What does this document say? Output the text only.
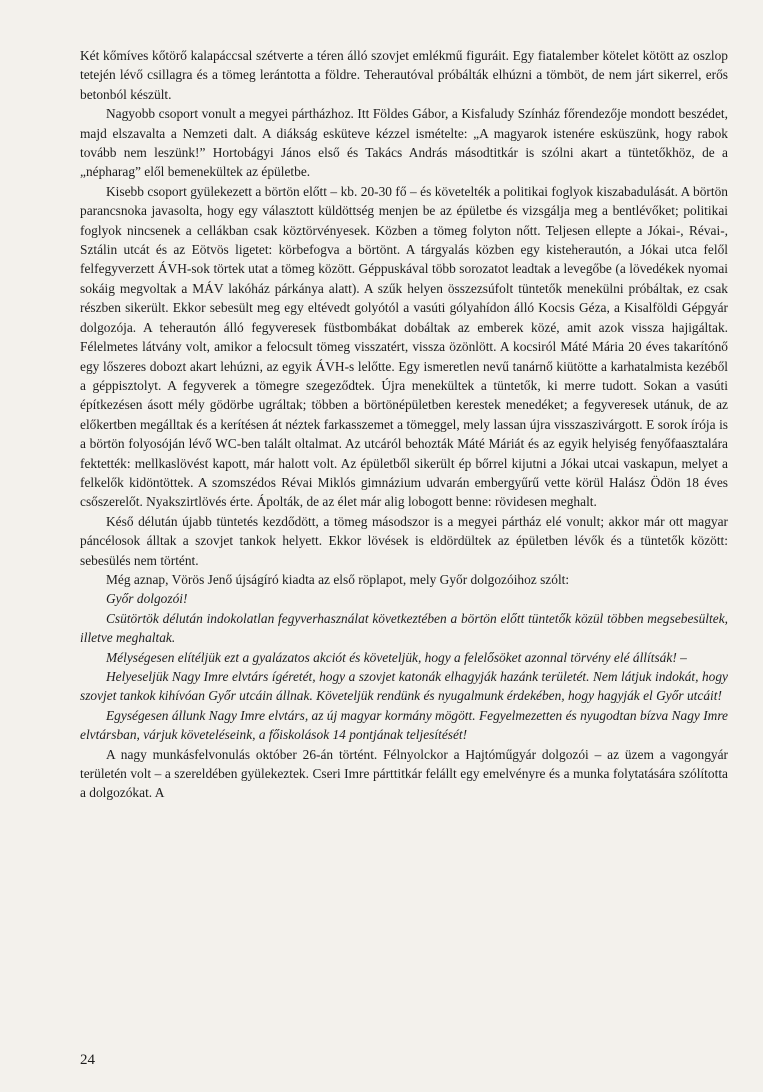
Két kőmíves kőtörő kalapáccsal szétverte a téren álló szovjet emlékmű figuráit. Egy fiatalember kötelet kötött az oszlop tetején lévő csillagra és a tömeg lerántotta a földre. Teherautóval próbálták elhúzni a tömböt, de nem járt sikerrel, erős betonból készült.

Nagyobb csoport vonult a megyei pártházhoz. Itt Földes Gábor, a Kisfaludy Színház főrendezője mondott beszédet, majd elszavalta a Nemzeti dalt. A diákság esküteve kézzel ismételte: „A magyarok istenére esküszünk, hogy rabok tovább nem leszünk!” Hortobágyi János első és Takács András másodtitkár is szólni akart a tüntetőkhöz, de a „népharag” elől bemenekültek az épületbe.

Kisebb csoport gyülekezett a börtön előtt – kb. 20-30 fő – és követelték a politikai foglyok kiszabadulását. A börtön parancsnoka javasolta, hogy egy választott küldöttség menjen be az épületbe és vizsgálja meg a bentlévőket; politikai foglyok nincsenek a cellákban csak köztörvényesek. Közben a tömeg folyton nőtt. Teljesen ellepte a Jókai-, Révai-, Sztálin utcát és az Eötvös ligetet: körbefogva a börtönt. A tárgyalás közben egy kisteherautón, a Jókai utca felől felfegyverzett ÁVH-sok törtek utat a tömeg között. Géppuskával több sorozatot leadtak a levegőbe (a lövedékek nyomai sokáig megvoltak a MÁV lakóház párkánya alatt). A szűk helyen összezsúfolt tüntetők menekülni próbáltak, ez csak részben sikerült. Ekkor sebesült meg egy eltévedt golyótól a vasúti gólyahídon álló Kocsis Géza, a Kisalföldi Gépgyár dolgozója. A teherautón álló fegyveresek füstbombákat dobáltak az emberek közé, amit azok vissza hajigáltak. Félelmetes látvány volt, amikor a felocsult tömeg visszatért, vissza özönlött. A kocsiról Máté Mária 20 éves takarítónő egy lőszeres dobozt akart lehúzni, az egyik ÁVH-s lelőtte. Egy ismeretlen nevű tanárnő kiütötte a karhatalmista kezéből a géppisztolyt. A fegyverek a tömegre szegeződtek. Újra menekültek a tüntetők, ki merre tudott. Sokan a vasúti építkezésen ásott mély gödörbe ugráltak; többen a börtönépületben kerestek menedéket; a fegyveresek utánuk, de az előkertben megálltak és a kerítésen át néztek farkasszemet a tömeggel, mely lassan újra visszaszivárgott. E sorok írója is a börtön folyosóján lévő WC-ben talált oltalmat. Az utcáról behozták Máté Máriát és az egyik helyiség fenyőfaasztalára fektették: mellkaslövést kapott, már halott volt. Az épületből sikerült ép bőrrel kijutni a Jókai utcai vaskapun, melyet a felkelők kidöntöttek. A szomszédos Révai Miklós gimnázium udvarán embergyűrű vette körül Halász Ödön 18 éves csőszerelőt. Nyakszirtlövés érte. Ápolták, de az élet már alig lobogott benne: rövidesen meghalt.

Késő délután újabb tüntetés kezdődött, a tömeg másodszor is a megyei pártház elé vonult; akkor már ott magyar páncélosok álltak a szovjet tankok helyett. Ekkor lövések is eldördültek az épületben lévők és a tüntetők között: sebesülés nem történt.

Még aznap, Vörös Jenő újságíró kiadta az első röplapot, mely Győr dolgozóihoz szólt:

Győr dolgozói!

Csütörtök délután indokolatlan fegyverhasználat következtében a börtön előtt tüntetők közül többen megsebesültek, illetve meghaltak.

Mélységesen elítéljük ezt a gyalázatos akciót és követeljük, hogy a felelősöket azonnal törvény elé állítsák! –

Helyeseljük Nagy Imre elvtárs ígéretét, hogy a szovjet katonák elhagyják hazánk területét. Nem látjuk indokát, hogy szovjet tankok kihívóan Győr utcáin állnak. Követeljük rendünk és nyugalmunk érdekében, hogy hagyják el Győr utcáit!

Egységesen állunk Nagy Imre elvtárs, az új magyar kormány mögött. Fegyelmezetten és nyugodtan bízva Nagy Imre elvtársban, várjuk követeléseink, a főiskolások 14 pontjának teljesítését!

A nagy munkásfelvonulás október 26-án történt. Félnyolckor a Hajtóműgyár dolgozói – az üzem a vagongyár területén volt – a szereldében gyülekeztek. Cseri Imre párttitkár felállt egy emelvényre és a munka folytatására szólította a dolgozókat. A

24
